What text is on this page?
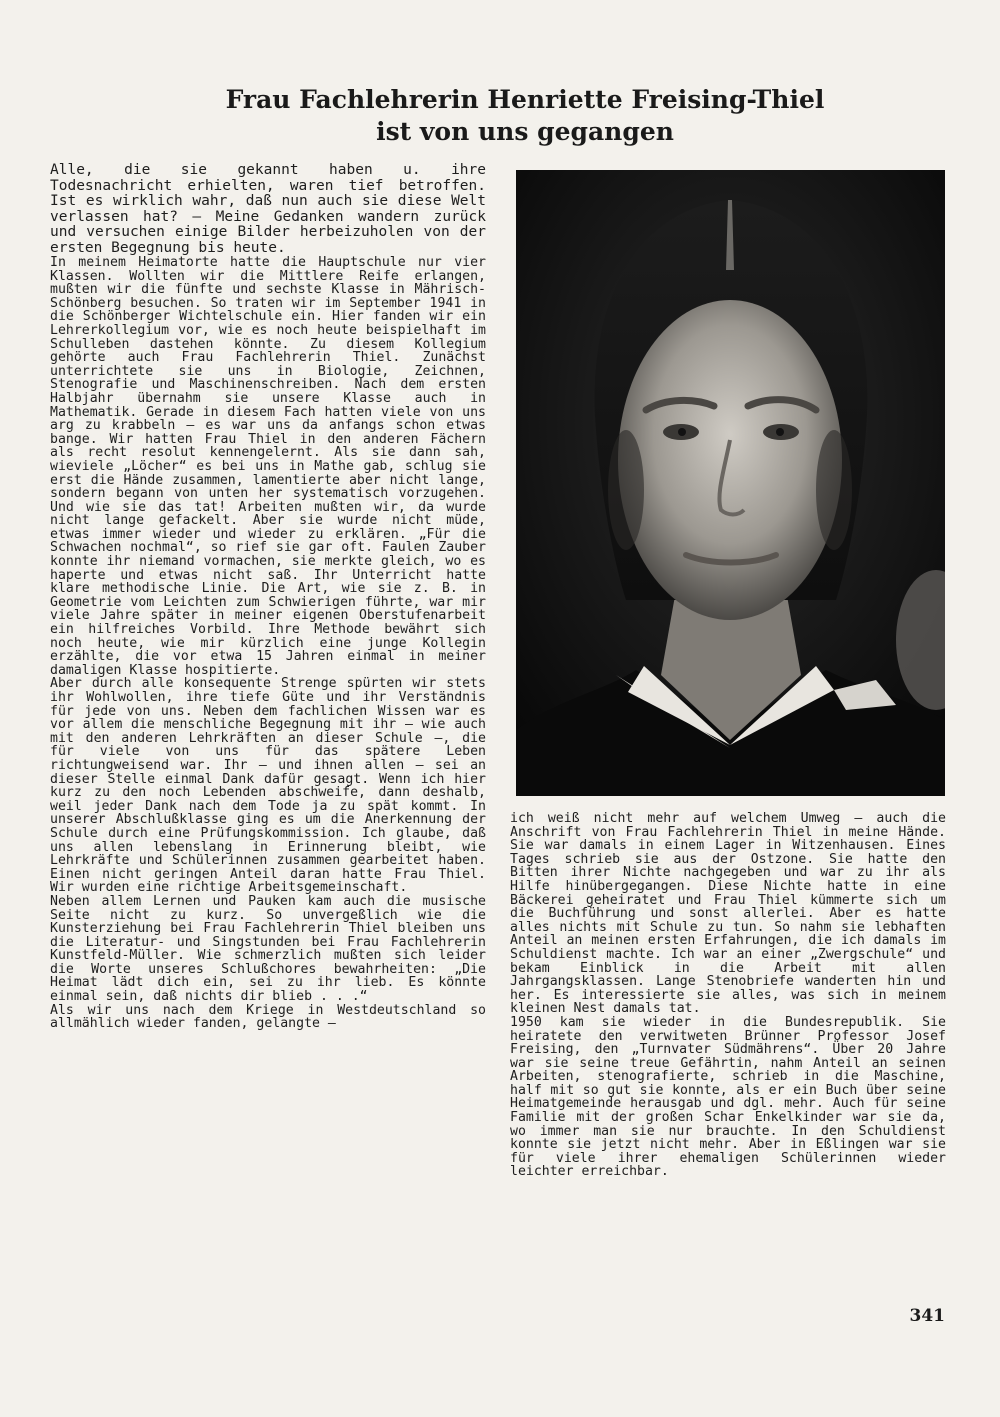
Frau Fachlehrerin Henriette Freising-Thiel
ist von uns gegangen

Alle, die sie gekannt haben u. ihre Todesnachricht erhielten, waren tief betroffen. Ist es wirklich wahr, daß nun auch sie diese Welt verlassen hat? — Meine Gedanken wandern zurück und versuchen einige Bilder herbeizuholen von der ersten Begegnung bis heute.

In meinem Heimatorte hatte die Hauptschule nur vier Klassen. Wollten wir die Mittlere Reife erlangen, mußten wir die fünfte und sechste Klasse in Mährisch-Schönberg besuchen. So traten wir im September 1941 in die Schönberger Wichtelschule ein. Hier fanden wir ein Lehrerkollegium vor, wie es noch heute beispielhaft im Schulleben dastehen könnte. Zu diesem Kollegium gehörte auch Frau Fachlehrerin Thiel. Zunächst unterrichtete sie uns in Biologie, Zeichnen, Stenografie und Maschinenschreiben. Nach dem ersten Halbjahr übernahm sie unsere Klasse auch in Mathematik. Gerade in diesem Fach hatten viele von uns arg zu krabbeln — es war uns da anfangs schon etwas bange. Wir hatten Frau Thiel in den anderen Fächern als recht resolut kennengelernt. Als sie dann sah, wieviele „Löcher“ es bei uns in Mathe gab, schlug sie erst die Hände zusammen, lamentierte aber nicht lange, sondern begann von unten her systematisch vorzugehen. Und wie sie das tat! Arbeiten mußten wir, da wurde nicht lange gefackelt. Aber sie wurde nicht müde, etwas immer wieder und wieder zu erklären. „Für die Schwachen nochmal“, so rief sie gar oft. Faulen Zauber konnte ihr niemand vormachen, sie merkte gleich, wo es haperte und etwas nicht saß. Ihr Unterricht hatte klare methodische Linie. Die Art, wie sie z. B. in Geometrie vom Leichten zum Schwierigen führte, war mir viele Jahre später in meiner eigenen Oberstufenarbeit ein hilfreiches Vorbild. Ihre Methode bewährt sich noch heute, wie mir kürzlich eine junge Kollegin erzählte, die vor etwa 15 Jahren einmal in meiner damaligen Klasse hospitierte.

Aber durch alle konsequente Strenge spürten wir stets ihr Wohlwollen, ihre tiefe Güte und ihr Verständnis für jede von uns. Neben dem fachlichen Wissen war es vor allem die menschliche Begegnung mit ihr — wie auch mit den anderen Lehrkräften an dieser Schule —, die für viele von uns für das spätere Leben richtungweisend war. Ihr — und ihnen allen — sei an dieser Stelle einmal Dank dafür gesagt. Wenn ich hier kurz zu den noch Lebenden abschweife, dann deshalb, weil jeder Dank nach dem Tode ja zu spät kommt. In unserer Abschlußklasse ging es um die Anerkennung der Schule durch eine Prüfungskommission. Ich glaube, daß uns allen lebenslang in Erinnerung bleibt, wie Lehrkräfte und Schülerinnen zusammen gearbeitet haben. Einen nicht geringen Anteil daran hatte Frau Thiel. Wir wurden eine richtige Arbeitsgemeinschaft.

Neben allem Lernen und Pauken kam auch die musische Seite nicht zu kurz. So unvergeßlich wie die Kunsterziehung bei Frau Fachlehrerin Thiel bleiben uns die Literatur- und Singstunden bei Frau Fachlehrerin Kunstfeld-Müller. Wie schmerzlich mußten sich leider die Worte unseres Schlußchores bewahrheiten: „Die Heimat lädt dich ein, sei zu ihr lieb. Es könnte einmal sein, daß nichts dir blieb . . .“

Als wir uns nach dem Kriege in Westdeutschland so allmählich wieder fanden, gelangte —

ich weiß nicht mehr auf welchem Umweg — auch die Anschrift von Frau Fachlehrerin Thiel in meine Hände. Sie war damals in einem Lager in Witzenhausen. Eines Tages schrieb sie aus der Ostzone. Sie hatte den Bitten ihrer Nichte nachgegeben und war zu ihr als Hilfe hinübergegangen. Diese Nichte hatte in eine Bäckerei geheiratet und Frau Thiel kümmerte sich um die Buchführung und sonst allerlei. Aber es hatte alles nichts mit Schule zu tun. So nahm sie lebhaften Anteil an meinen ersten Erfahrungen, die ich damals im Schuldienst machte. Ich war an einer „Zwergschule“ und bekam Einblick in die Arbeit mit allen Jahrgangsklassen. Lange Stenobriefe wanderten hin und her. Es interessierte sie alles, was sich in meinem kleinen Nest damals tat.

1950 kam sie wieder in die Bundesrepublik. Sie heiratete den verwitweten Brünner Professor Josef Freising, den „Turnvater Südmährens“. Über 20 Jahre war sie seine treue Gefährtin, nahm Anteil an seinen Arbeiten, stenografierte, schrieb in die Maschine, half mit so gut sie konnte, als er ein Buch über seine Heimatgemeinde herausgab und dgl. mehr. Auch für seine Familie mit der großen Schar Enkelkinder war sie da, wo immer man sie nur brauchte. In den Schuldienst konnte sie jetzt nicht mehr. Aber in Eßlingen war sie für viele ihrer ehemaligen Schülerinnen wieder leichter erreichbar.

341
